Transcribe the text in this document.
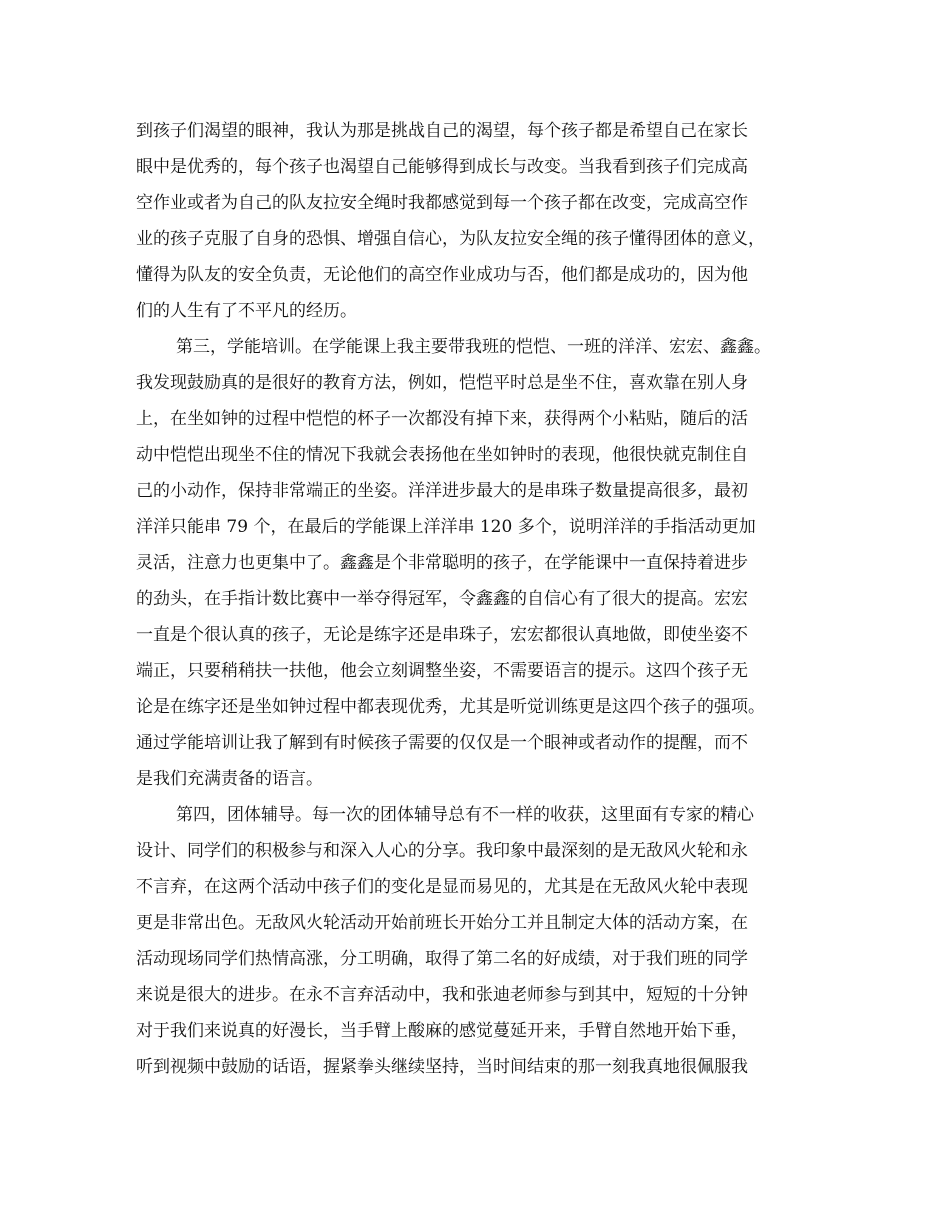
到孩子们渴望的眼神，我认为那是挑战自己的渴望，每个孩子都是希望自己在家长
眼中是优秀的，每个孩子也渴望自己能够得到成长与改变。当我看到孩子们完成高
空作业或者为自己的队友拉安全绳时我都感觉到每一个孩子都在改变，完成高空作
业的孩子克服了自身的恐惧、增强自信心，为队友拉安全绳的孩子懂得团体的意义，
懂得为队友的安全负责，无论他们的高空作业成功与否，他们都是成功的，因为他
们的人生有了不平凡的经历。
第三，学能培训。在学能课上我主要带我班的恺恺、一班的洋洋、宏宏、鑫鑫。
我发现鼓励真的是很好的教育方法，例如，恺恺平时总是坐不住，喜欢靠在别人身
上，在坐如钟的过程中恺恺的杯子一次都没有掉下来，获得两个小粘贴，随后的活
动中恺恺出现坐不住的情况下我就会表扬他在坐如钟时的表现，他很快就克制住自
己的小动作，保持非常端正的坐姿。洋洋进步最大的是串珠子数量提高很多，最初
洋洋只能串 79 个，在最后的学能课上洋洋串 120 多个，说明洋洋的手指活动更加
灵活，注意力也更集中了。鑫鑫是个非常聪明的孩子，在学能课中一直保持着进步
的劲头，在手指计数比赛中一举夺得冠军，令鑫鑫的自信心有了很大的提高。宏宏
一直是个很认真的孩子，无论是练字还是串珠子，宏宏都很认真地做，即使坐姿不
端正，只要稍稍扶一扶他，他会立刻调整坐姿，不需要语言的提示。这四个孩子无
论是在练字还是坐如钟过程中都表现优秀，尤其是听觉训练更是这四个孩子的强项。
通过学能培训让我了解到有时候孩子需要的仅仅是一个眼神或者动作的提醒，而不
是我们充满责备的语言。
第四，团体辅导。每一次的团体辅导总有不一样的收获，这里面有专家的精心
设计、同学们的积极参与和深入人心的分享。我印象中最深刻的是无敌风火轮和永
不言弃，在这两个活动中孩子们的变化是显而易见的，尤其是在无敌风火轮中表现
更是非常出色。无敌风火轮活动开始前班长开始分工并且制定大体的活动方案，在
活动现场同学们热情高涨，分工明确，取得了第二名的好成绩，对于我们班的同学
来说是很大的进步。在永不言弃活动中，我和张迪老师参与到其中，短短的十分钟
对于我们来说真的好漫长，当手臂上酸麻的感觉蔓延开来，手臂自然地开始下垂，
听到视频中鼓励的话语，握紧拳头继续坚持，当时间结束的那一刻我真地很佩服我
